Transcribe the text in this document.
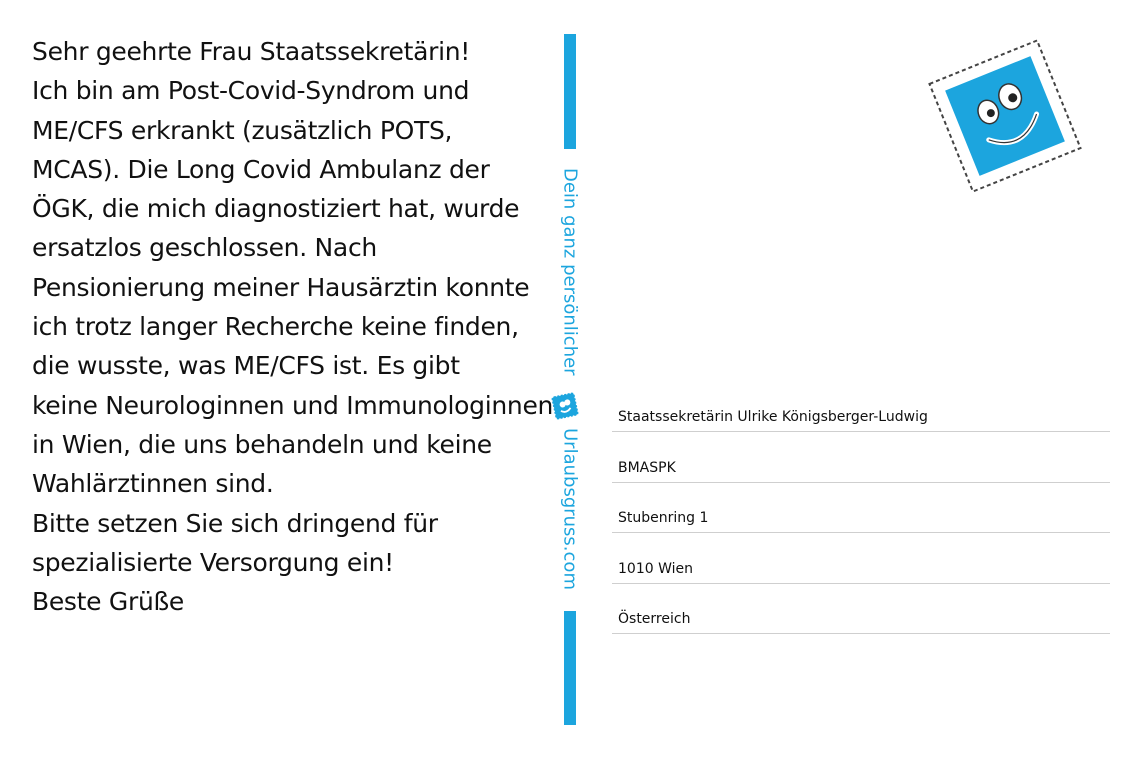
Sehr geehrte Frau Staatssekretärin!
Ich bin am Post-Covid-Syndrom und
ME/CFS erkrankt (zusätzlich POTS,
MCAS). Die Long Covid Ambulanz der
ÖGK, die mich diagnostiziert hat, wurde
ersatzlos geschlossen. Nach
Pensionierung meiner Hausärztin konnte
ich trotz langer Recherche keine finden,
die wusste, was ME/CFS ist. Es gibt
keine Neurologinnen und Immunologinnen
in Wien, die uns behandeln und keine
Wahlärztinnen sind.
Bitte setzen Sie sich dringend für
spezialisierte Versorgung ein!
Beste Grüße
Dein ganz persönlicher
Urlaubsgruss.com
Staatssekretärin Ulrike Königsberger-Ludwig
BMASPK
Stubenring 1
1010 Wien
Österreich
